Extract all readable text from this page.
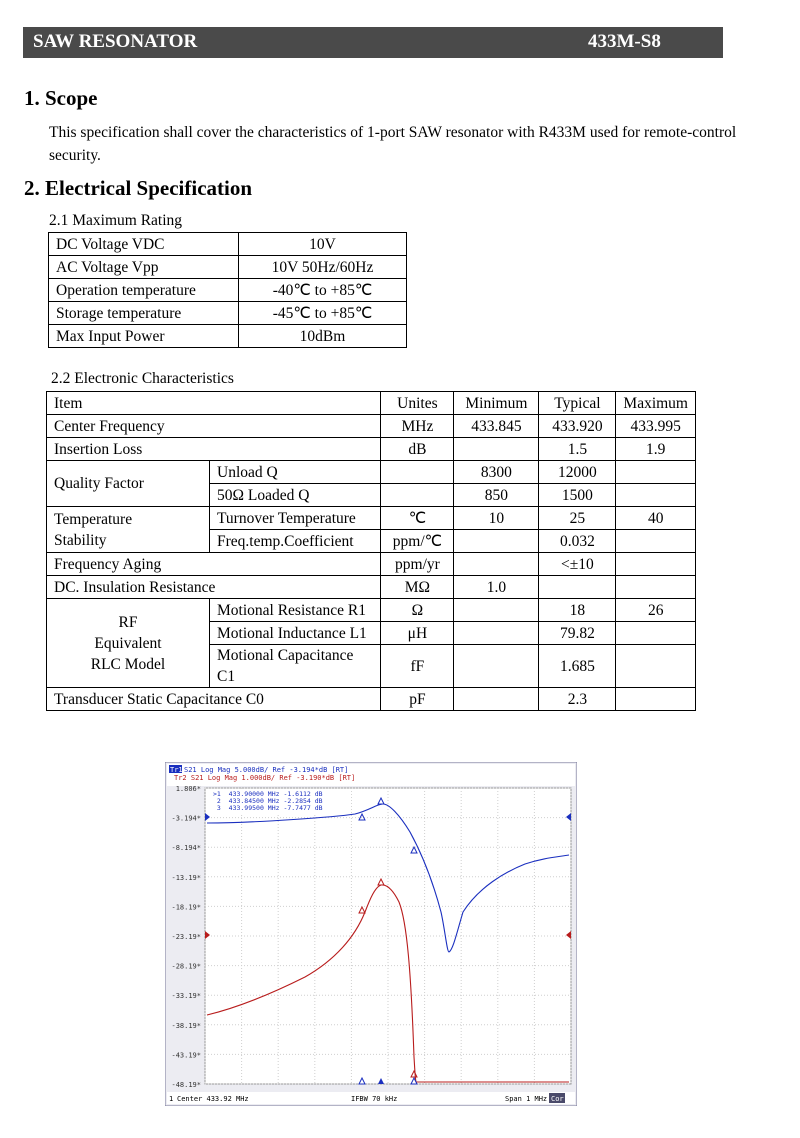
SAW RESONATOR	433M-S8
1. Scope
This specification shall cover the characteristics of 1-port SAW resonator with R433M used for remote-control security.
2. Electrical Specification
2.1 Maximum Rating
DC Voltage VDC	10V
AC Voltage Vpp	10V 50Hz/60Hz
Operation temperature	-40℃ to +85℃
Storage temperature	-45℃ to +85℃
Max Input Power	10dBm
2.2 Electronic Characteristics
Item		Unites	Minimum	Typical	Maximum
Center Frequency		MHz	433.845	433.920	433.995
Insertion Loss		dB		1.5	1.9
Quality Factor	Unload Q		8300	12000	
	50Ω Loaded Q		850	1500	

Temperature
Stability	Turnover Temperature	℃	10	25	40
	Freq.temp.Coefficient	ppm/℃		0.032	
Frequency Aging		ppm/yr		<±10	
DC. Insulation Resistance		MΩ	1.0		

RF
Equivalent
RLC Model	Motional Resistance R1	Ω		18	26
	Motional Inductance L1	μH		79.82	
	Motional Capacitance C1	fF		1.685	
Transducer Static Capacitance C0		pF		2.3	
Tr1 S21 Log Mag 5.000dB/ Ref -3.194*dB [RT]
Tr2 S21 Log Mag 1.000dB/ Ref -3.190*dB [RT]
1.806*
-3.194*
-8.194*
-13.19*
-18.19*
-23.19*
-28.19*
-33.19*
-38.19*
-43.19*
-48.19*
>1  433.90000 MHz -1.6112 dB
2  433.84500 MHz -2.2854 dB
3  433.99500 MHz -7.7477 dB
1 Center 433.92 MHz	IFBW 70 kHz	Span 1 MHz Cor
